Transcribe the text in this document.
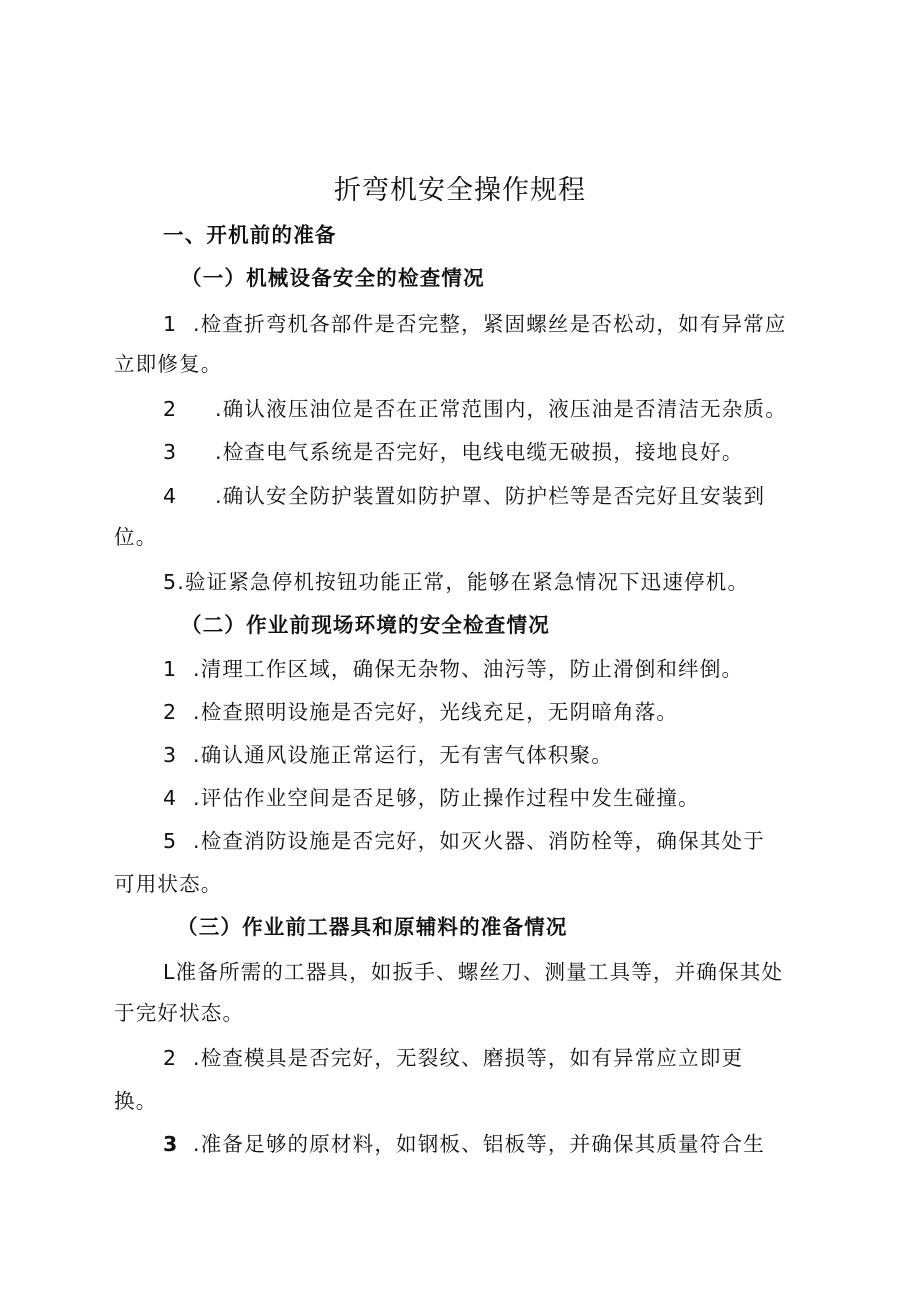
折弯机安全操作规程

一、开机前的准备

（一）机械设备安全的检查情况

1 .检查折弯机各部件是否完整，紧固螺丝是否松动，如有异常应

立即修复。

2 .确认液压油位是否在正常范围内，液压油是否清洁无杂质。

3 .检查电气系统是否完好，电线电缆无破损，接地良好。

4 .确认安全防护装置如防护罩、防护栏等是否完好且安装到

位。

5.验证紧急停机按钮功能正常，能够在紧急情况下迅速停机。

（二）作业前现场环境的安全检查情况

1 .清理工作区域，确保无杂物、油污等，防止滑倒和绊倒。

2 .检查照明设施是否完好，光线充足，无阴暗角落。

3 .确认通风设施正常运行，无有害气体积聚。

4 .评估作业空间是否足够，防止操作过程中发生碰撞。

5 .检查消防设施是否完好，如灭火器、消防栓等，确保其处于

可用状态。

（三）作业前工器具和原辅料的准备情况

L准备所需的工器具，如扳手、螺丝刀、测量工具等，并确保其处

于完好状态。

2 .检查模具是否完好，无裂纹、磨损等，如有异常应立即更

换。

3 .准备足够的原材料，如钢板、铝板等，并确保其质量符合生
